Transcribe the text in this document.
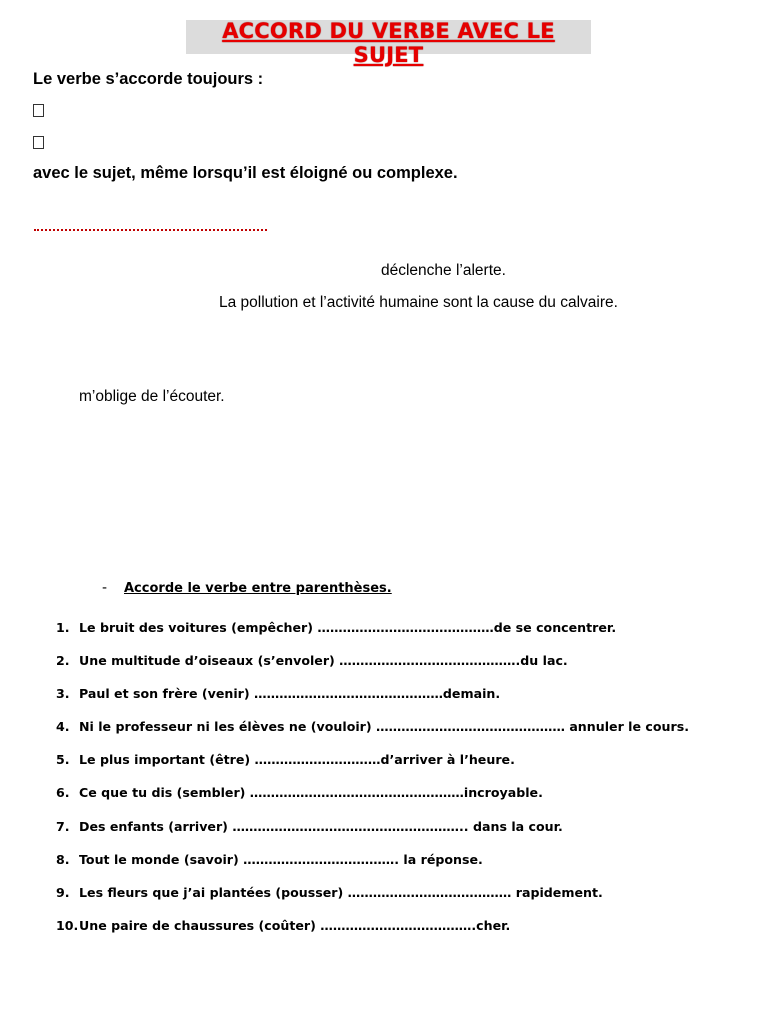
ACCORD DU VERBE AVEC LE SUJET
Le verbe s’accorde toujours :
avec le sujet, même lorsqu’il est éloigné ou complexe.
déclenche l’alerte.
La pollution et l’activité humaine sont la cause du calvaire.
m’oblige de l’écouter.
- Accorde le verbe entre parenthèses.
1. Le bruit des voitures (empêcher) ……………………………………de se concentrer.
2. Une multitude d’oiseaux (s’envoler) …………………………………….du lac.
3. Paul et son frère (venir) ………………………………………demain.
4. Ni le professeur ni les élèves ne (vouloir) ……………………………………… annuler le cours.
5. Le plus important (être) …………………………d’arriver à l’heure.
6. Ce que tu dis (sembler) ……………………………………………incroyable.
7. Des enfants (arriver) ……………………………………………….. dans la cour.
8. Tout le monde (savoir) ………………………………. la réponse.
9. Les fleurs que j’ai plantées (pousser) ………………………………… rapidement.
10.Une paire de chaussures (coûter) ……………………………….cher.
